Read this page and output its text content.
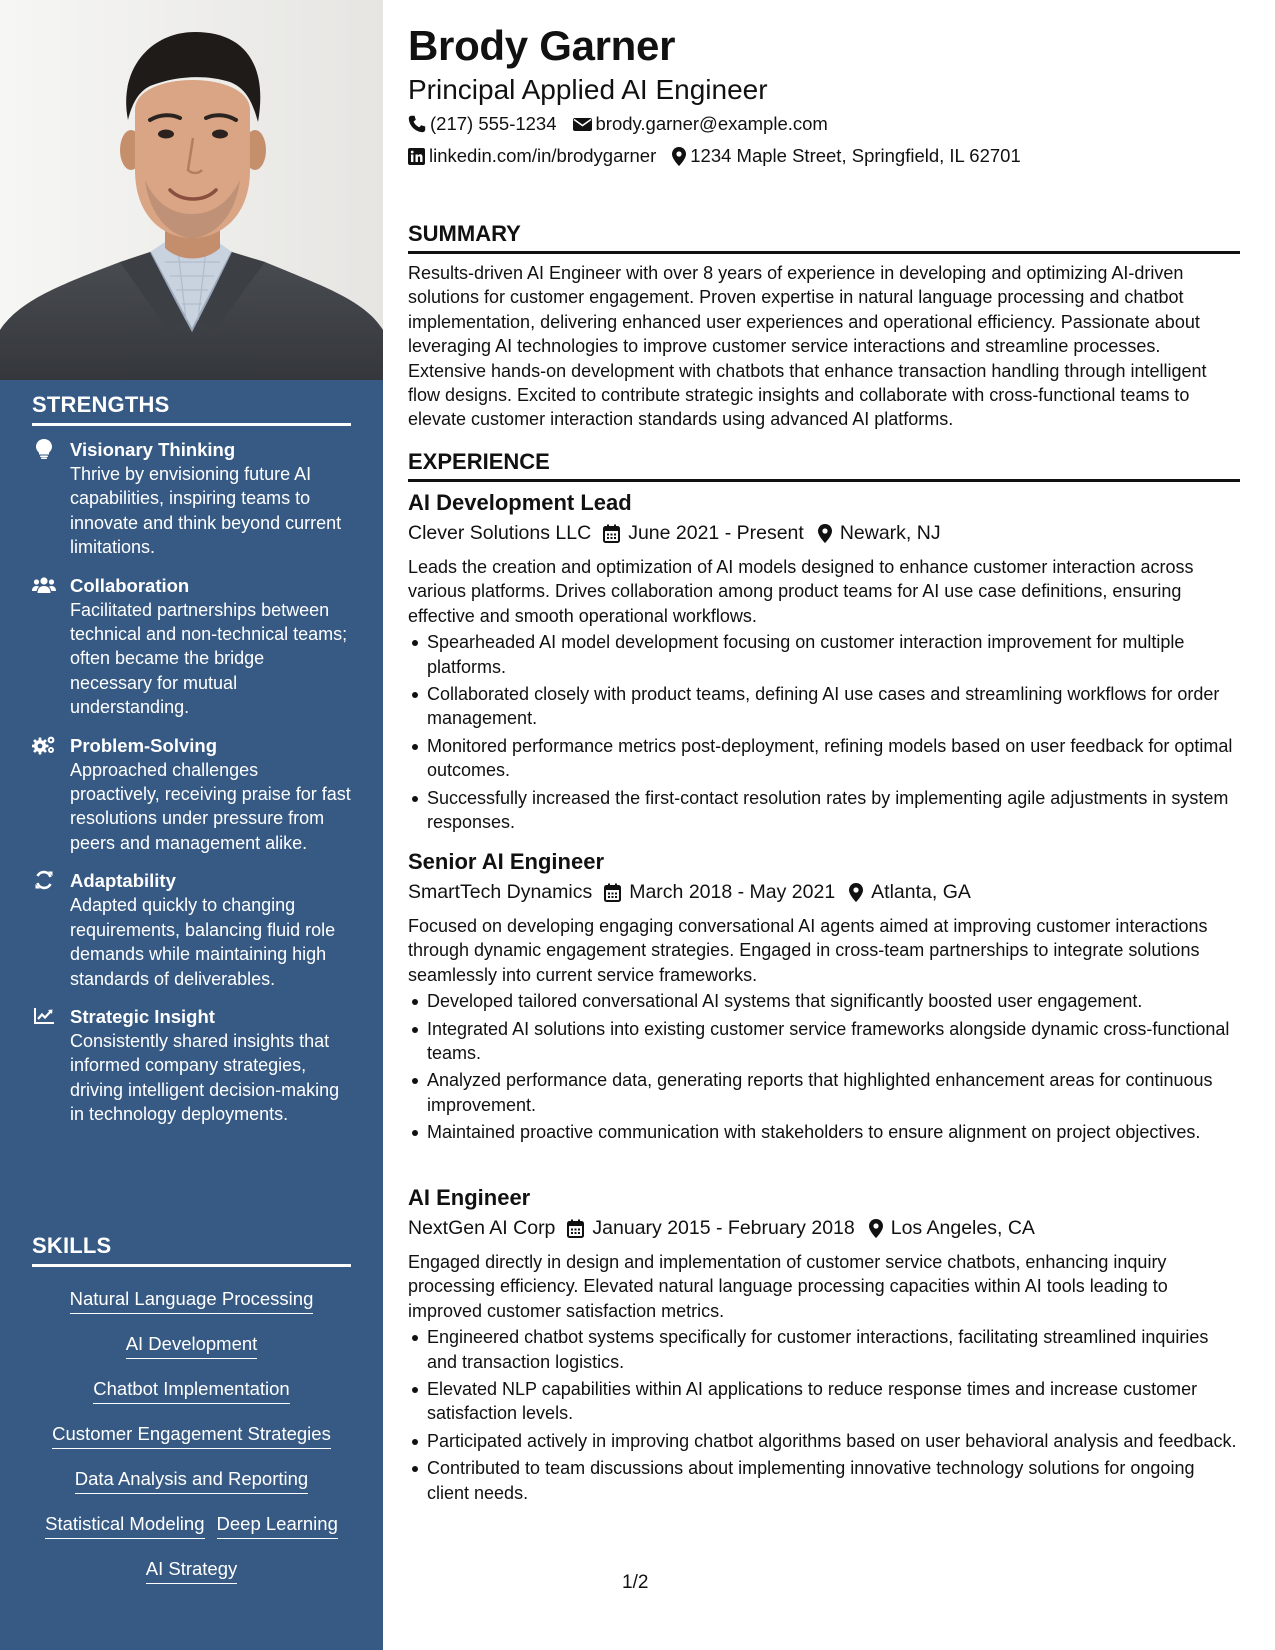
STRENGTHS
Visionary Thinking
Thrive by envisioning future AI capabilities, inspiring teams to innovate and think beyond current limitations.
Collaboration
Facilitated partnerships between technical and non-technical teams; often became the bridge necessary for mutual understanding.
Problem-Solving
Approached challenges proactively, receiving praise for fast resolutions under pressure from peers and management alike.
Adaptability
Adapted quickly to changing requirements, balancing fluid role demands while maintaining high standards of deliverables.
Strategic Insight
Consistently shared insights that informed company strategies, driving intelligent decision-making in technology deployments.
SKILLS
Natural Language Processing
AI Development
Chatbot Implementation
Customer Engagement Strategies
Data Analysis and Reporting
Statistical Modeling Deep Learning
AI Strategy
Brody Garner
Principal Applied AI Engineer
(217) 555-1234 brody.garner@example.com
linkedin.com/in/brodygarner 1234 Maple Street, Springfield, IL 62701
SUMMARY
Results-driven AI Engineer with over 8 years of experience in developing and optimizing AI-driven solutions for customer engagement. Proven expertise in natural language processing and chatbot implementation, delivering enhanced user experiences and operational efficiency. Passionate about leveraging AI technologies to improve customer service interactions and streamline processes. Extensive hands-on development with chatbots that enhance transaction handling through intelligent flow designs. Excited to contribute strategic insights and collaborate with cross-functional teams to elevate customer interaction standards using advanced AI platforms.
EXPERIENCE
AI Development Lead
Clever Solutions LLC June 2021 - Present Newark, NJ
Leads the creation and optimization of AI models designed to enhance customer interaction across various platforms. Drives collaboration among product teams for AI use case definitions, ensuring effective and smooth operational workflows.
Spearheaded AI model development focusing on customer interaction improvement for multiple platforms.
Collaborated closely with product teams, defining AI use cases and streamlining workflows for order management.
Monitored performance metrics post-deployment, refining models based on user feedback for optimal outcomes.
Successfully increased the first-contact resolution rates by implementing agile adjustments in system responses.
Senior AI Engineer
SmartTech Dynamics March 2018 - May 2021 Atlanta, GA
Focused on developing engaging conversational AI agents aimed at improving customer interactions through dynamic engagement strategies. Engaged in cross-team partnerships to integrate solutions seamlessly into current service frameworks.
Developed tailored conversational AI systems that significantly boosted user engagement.
Integrated AI solutions into existing customer service frameworks alongside dynamic cross-functional teams.
Analyzed performance data, generating reports that highlighted enhancement areas for continuous improvement.
Maintained proactive communication with stakeholders to ensure alignment on project objectives.
AI Engineer
NextGen AI Corp January 2015 - February 2018 Los Angeles, CA
Engaged directly in design and implementation of customer service chatbots, enhancing inquiry processing efficiency. Elevated natural language processing capacities within AI tools leading to improved customer satisfaction metrics.
Engineered chatbot systems specifically for customer interactions, facilitating streamlined inquiries and transaction logistics.
Elevated NLP capabilities within AI applications to reduce response times and increase customer satisfaction levels.
Participated actively in improving chatbot algorithms based on user behavioral analysis and feedback.
Contributed to team discussions about implementing innovative technology solutions for ongoing client needs.
1/2
